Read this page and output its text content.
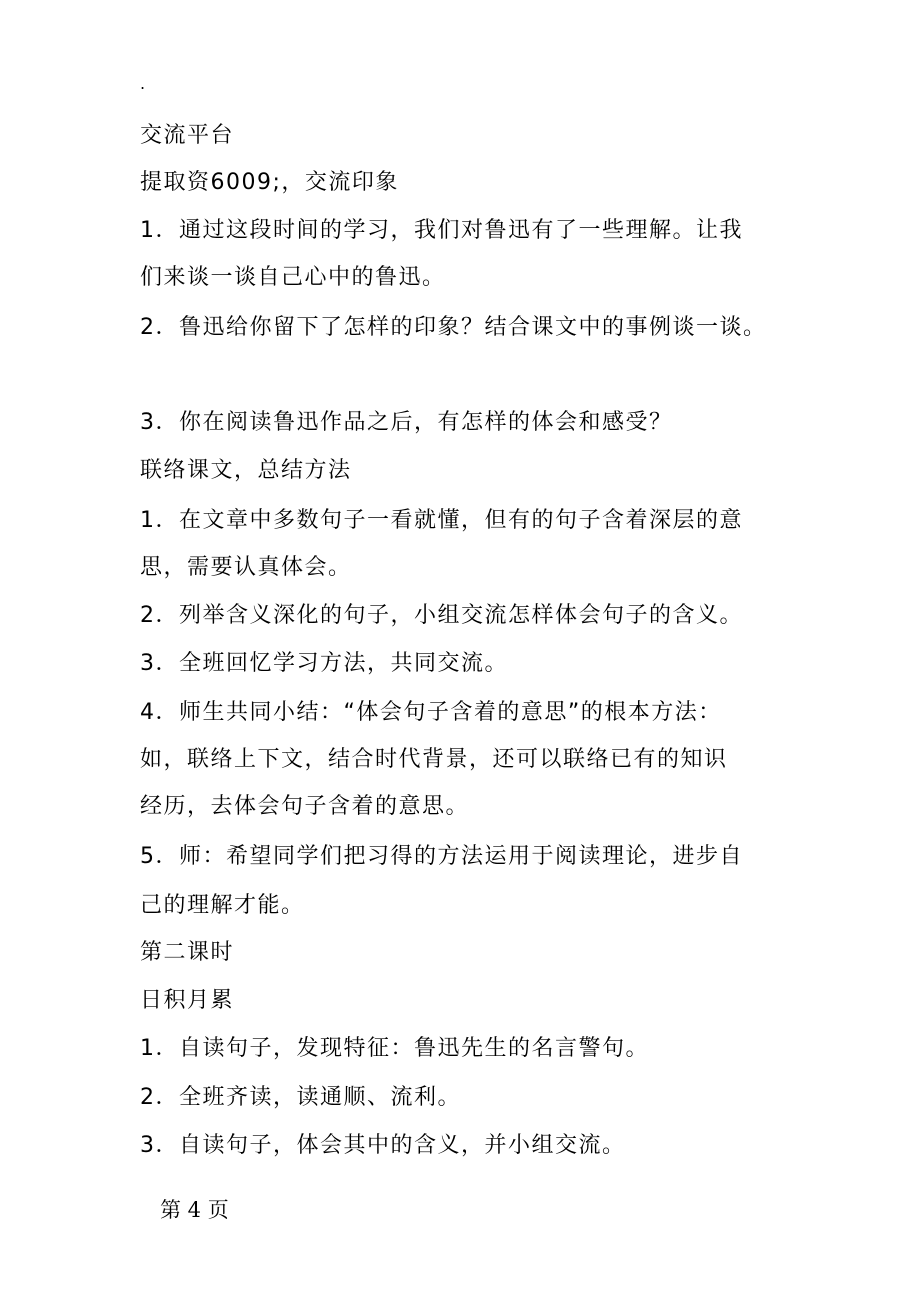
.
交流平台
提取资6009;，交流印象
1．通过这段时间的学习，我们对鲁迅有了一些理解。让我
们来谈一谈自己心中的鲁迅。
2．鲁迅给你留下了怎样的印象？结合课文中的事例谈一谈。
3．你在阅读鲁迅作品之后，有怎样的体会和感受？
联络课文，总结方法
1．在文章中多数句子一看就懂，但有的句子含着深层的意
思，需要认真体会。
2．列举含义深化的句子，小组交流怎样体会句子的含义。
3．全班回忆学习方法，共同交流。
4．师生共同小结：“体会句子含着的意思”的根本方法：
如，联络上下文，结合时代背景，还可以联络已有的知识
经历，去体会句子含着的意思。
5．师：希望同学们把习得的方法运用于阅读理论，进步自
己的理解才能。
第二课时
日积月累
1．自读句子，发现特征：鲁迅先生的名言警句。
2．全班齐读，读通顺、流利。
3．自读句子，体会其中的含义，并小组交流。
第 4 页
